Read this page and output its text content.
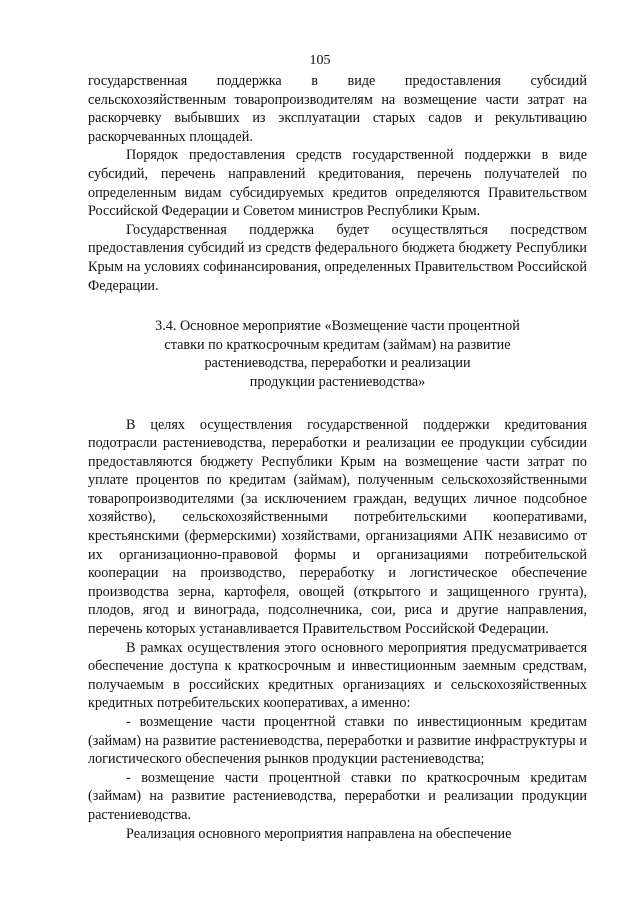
105

государственная поддержка в виде предоставления субсидий сельскохозяйственным товаропроизводителям на возмещение части затрат на раскорчевку выбывших из эксплуатации старых садов и рекультивацию раскорчеванных площадей.

Порядок предоставления средств государственной поддержки в виде субсидий, перечень направлений кредитования, перечень получателей по определенным видам субсидируемых кредитов определяются Правительством Российской Федерации и Советом министров Республики Крым.

Государственная поддержка будет осуществляться посредством предоставления субсидий из средств федерального бюджета бюджету Республики Крым на условиях софинансирования, определенных Правительством Российской Федерации.

3.4. Основное мероприятие «Возмещение части процентной
ставки по краткосрочным кредитам (займам) на развитие
растениеводства, переработки и реализации
продукции растениеводства»

В целях осуществления государственной поддержки кредитования подотрасли растениеводства, переработки и реализации ее продукции субсидии предоставляются бюджету Республики Крым на возмещение части затрат по уплате процентов по кредитам (займам), полученным сельскохозяйственными товаропроизводителями (за исключением граждан, ведущих личное подсобное хозяйство), сельскохозяйственными потребительскими кооперативами, крестьянскими (фермерскими) хозяйствами, организациями АПК независимо от их организационно-правовой формы и организациями потребительской кооперации на производство, переработку и логистическое обеспечение производства зерна, картофеля, овощей (открытого и защищенного грунта), плодов, ягод и винограда, подсолнечника, сои, риса и другие направления, перечень которых устанавливается Правительством Российской Федерации.

В рамках осуществления этого основного мероприятия предусматривается обеспечение доступа к краткосрочным и инвестиционным заемным средствам, получаемым в российских кредитных организациях и сельскохозяйственных кредитных потребительских кооперативах, а именно:

- возмещение части процентной ставки по инвестиционным кредитам (займам) на развитие растениеводства, переработки и развитие инфраструктуры и логистического обеспечения рынков продукции растениеводства;

- возмещение части процентной ставки по краткосрочным кредитам (займам) на развитие растениеводства, переработки и реализации продукции растениеводства.

Реализация основного мероприятия направлена на обеспечение
